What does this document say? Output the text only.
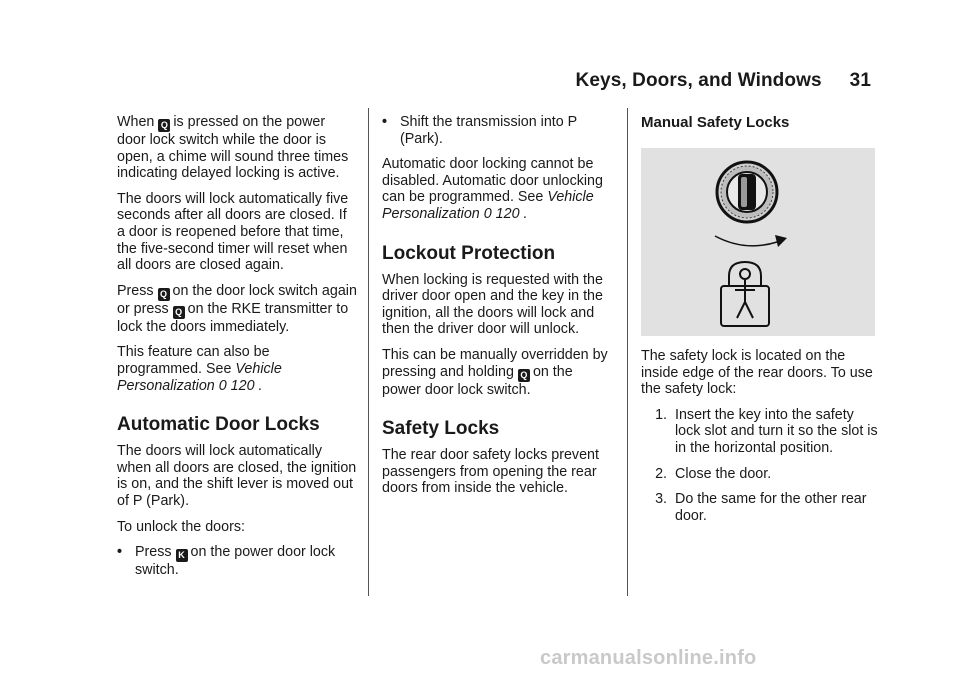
Keys, Doors, and Windows 31

When Q is pressed on the power door lock switch while the door is open, a chime will sound three times indicating delayed locking is active.

The doors will lock automatically five seconds after all doors are closed. If a door is reopened before that time, the five-second timer will reset when all doors are closed again.

Press Q on the door lock switch again or press Q on the RKE transmitter to lock the doors immediately.

This feature can also be programmed. See Vehicle Personalization 0 120 .

Automatic Door Locks

The doors will lock automatically when all doors are closed, the ignition is on, and the shift lever is moved out of P (Park).

To unlock the doors:

• Press K on the power door lock switch.
• Shift the transmission into P (Park).

Automatic door locking cannot be disabled. Automatic door unlocking can be programmed. See Vehicle Personalization 0 120 .

Lockout Protection

When locking is requested with the driver door open and the key in the ignition, all the doors will lock and then the driver door will unlock.

This can be manually overridden by pressing and holding Q on the power door lock switch.

Safety Locks

The rear door safety locks prevent passengers from opening the rear doors from inside the vehicle.

Manual Safety Locks

The safety lock is located on the inside edge of the rear doors. To use the safety lock:

1. Insert the key into the safety lock slot and turn it so the slot is in the horizontal position.
2. Close the door.
3. Do the same for the other rear door.
carmanualsonline.info
